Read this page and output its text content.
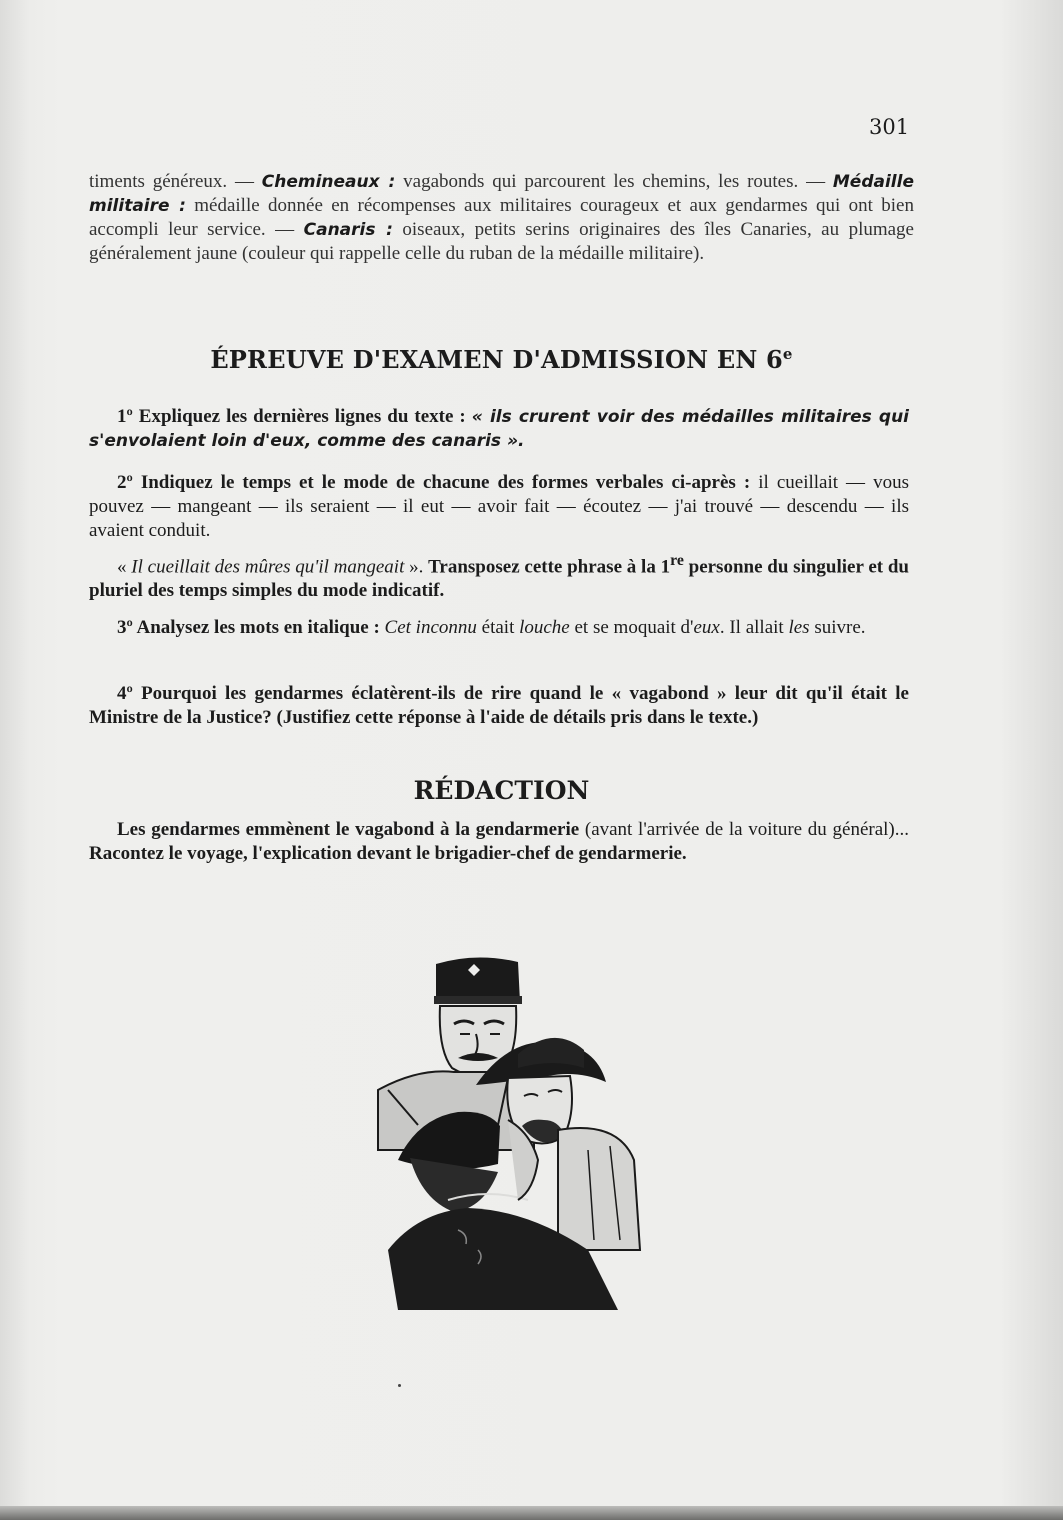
301
timents généreux. — Chemineaux : vagabonds qui parcourent les chemins, les routes. — Médaille militaire : médaille donnée en récompenses aux militaires courageux et aux gendarmes qui ont bien accompli leur service. — Canaris : oiseaux, petits serins originaires des îles Canaries, au plumage généralement jaune (couleur qui rappelle celle du ruban de la médaille militaire).
ÉPREUVE D'EXAMEN D'ADMISSION EN 6e
1º Expliquez les dernières lignes du texte : « ils crurent voir des médailles militaires qui s'envolaient loin d'eux, comme des canaris ».
2º Indiquez le temps et le mode de chacune des formes verbales ci-après : il cueillait — vous pouvez — mangeant — ils seraient — il eut — avoir fait — écoutez — j'ai trouvé — descendu — ils avaient conduit.
« Il cueillait des mûres qu'il mangeait ». Transposez cette phrase à la 1re personne du singulier et du pluriel des temps simples du mode indicatif.
3º Analysez les mots en italique : Cet inconnu était louche et se moquait d'eux. Il allait les suivre.
4º Pourquoi les gendarmes éclatèrent-ils de rire quand le « vagabond » leur dit qu'il était le Ministre de la Justice? (Justifiez cette réponse à l'aide de détails pris dans le texte.)
RÉDACTION
Les gendarmes emmènent le vagabond à la gendarmerie (avant l'arrivée de la voiture du général)... Racontez le voyage, l'explication devant le brigadier-chef de gendarmerie.
